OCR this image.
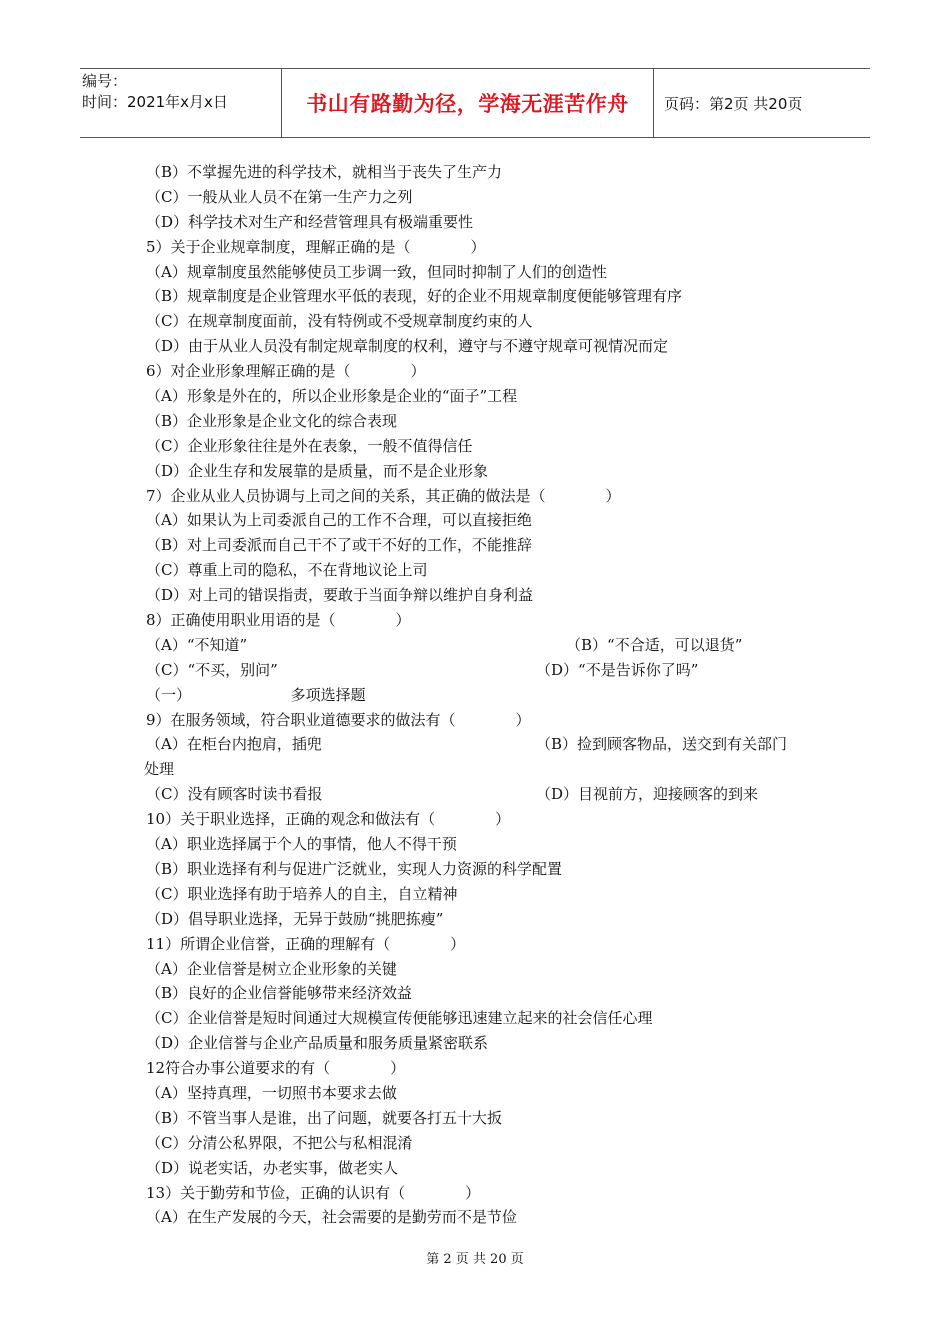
编号：
时间：2021年x月x日	书山有路勤为径，学海无涯苦作舟 页码：第2页 共20页
（B）不掌握先进的科学技术，就相当于丧失了生产力
（C）一般从业人员不在第一生产力之列
（D）科学技术对生产和经营管理具有极端重要性
5）关于企业规章制度，理解正确的是（　　　　）
（A）规章制度虽然能够使员工步调一致，但同时抑制了人们的创造性
（B）规章制度是企业管理水平低的表现，好的企业不用规章制度便能够管理有序
（C）在规章制度面前，没有特例或不受规章制度约束的人
（D）由于从业人员没有制定规章制度的权利，遵守与不遵守规章可视情况而定
6）对企业形象理解正确的是（　　　　）
（A）形象是外在的，所以企业形象是企业的“面子”工程
（B）企业形象是企业文化的综合表现
（C）企业形象往往是外在表象，一般不值得信任
（D）企业生存和发展靠的是质量，而不是企业形象
7）企业从业人员协调与上司之间的关系，其正确的做法是（　　　　）
（A）如果认为上司委派自己的工作不合理，可以直接拒绝
（B）对上司委派而自己干不了或干不好的工作，不能推辞
（C）尊重上司的隐私，不在背地议论上司
（D）对上司的错误指责，要敢于当面争辩以维护自身利益
8）正确使用职业用语的是（　　　　）
（A）“不知道”	（B）“不合适，可以退货”
（C）“不买，别问”	（D）“不是告诉你了吗”
（一）	多项选择题
9）在服务领域，符合职业道德要求的做法有（　　　　）
（A）在柜台内抱肩，插兜	（B）捡到顾客物品，送交到有关部门
处理
（C）没有顾客时读书看报	（D）目视前方，迎接顾客的到来
10）关于职业选择，正确的观念和做法有（　　　　）
（A）职业选择属于个人的事情，他人不得干预
（B）职业选择有利与促进广泛就业，实现人力资源的科学配置
（C）职业选择有助于培养人的自主，自立精神
（D）倡导职业选择，无异于鼓励“挑肥拣瘦”
11）所谓企业信誉，正确的理解有（　　　　）
（A）企业信誉是树立企业形象的关键
（B）良好的企业信誉能够带来经济效益
（C）企业信誉是短时间通过大规模宣传便能够迅速建立起来的社会信任心理
（D）企业信誉与企业产品质量和服务质量紧密联系
12符合办事公道要求的有（　　　　）
（A）坚持真理，一切照书本要求去做
（B）不管当事人是谁，出了问题，就要各打五十大扳
（C）分清公私界限，不把公与私相混淆
（D）说老实话，办老实事，做老实人
13）关于勤劳和节俭，正确的认识有（　　　　）
（A）在生产发展的今天，社会需要的是勤劳而不是节俭
第 2 页 共 20 页
